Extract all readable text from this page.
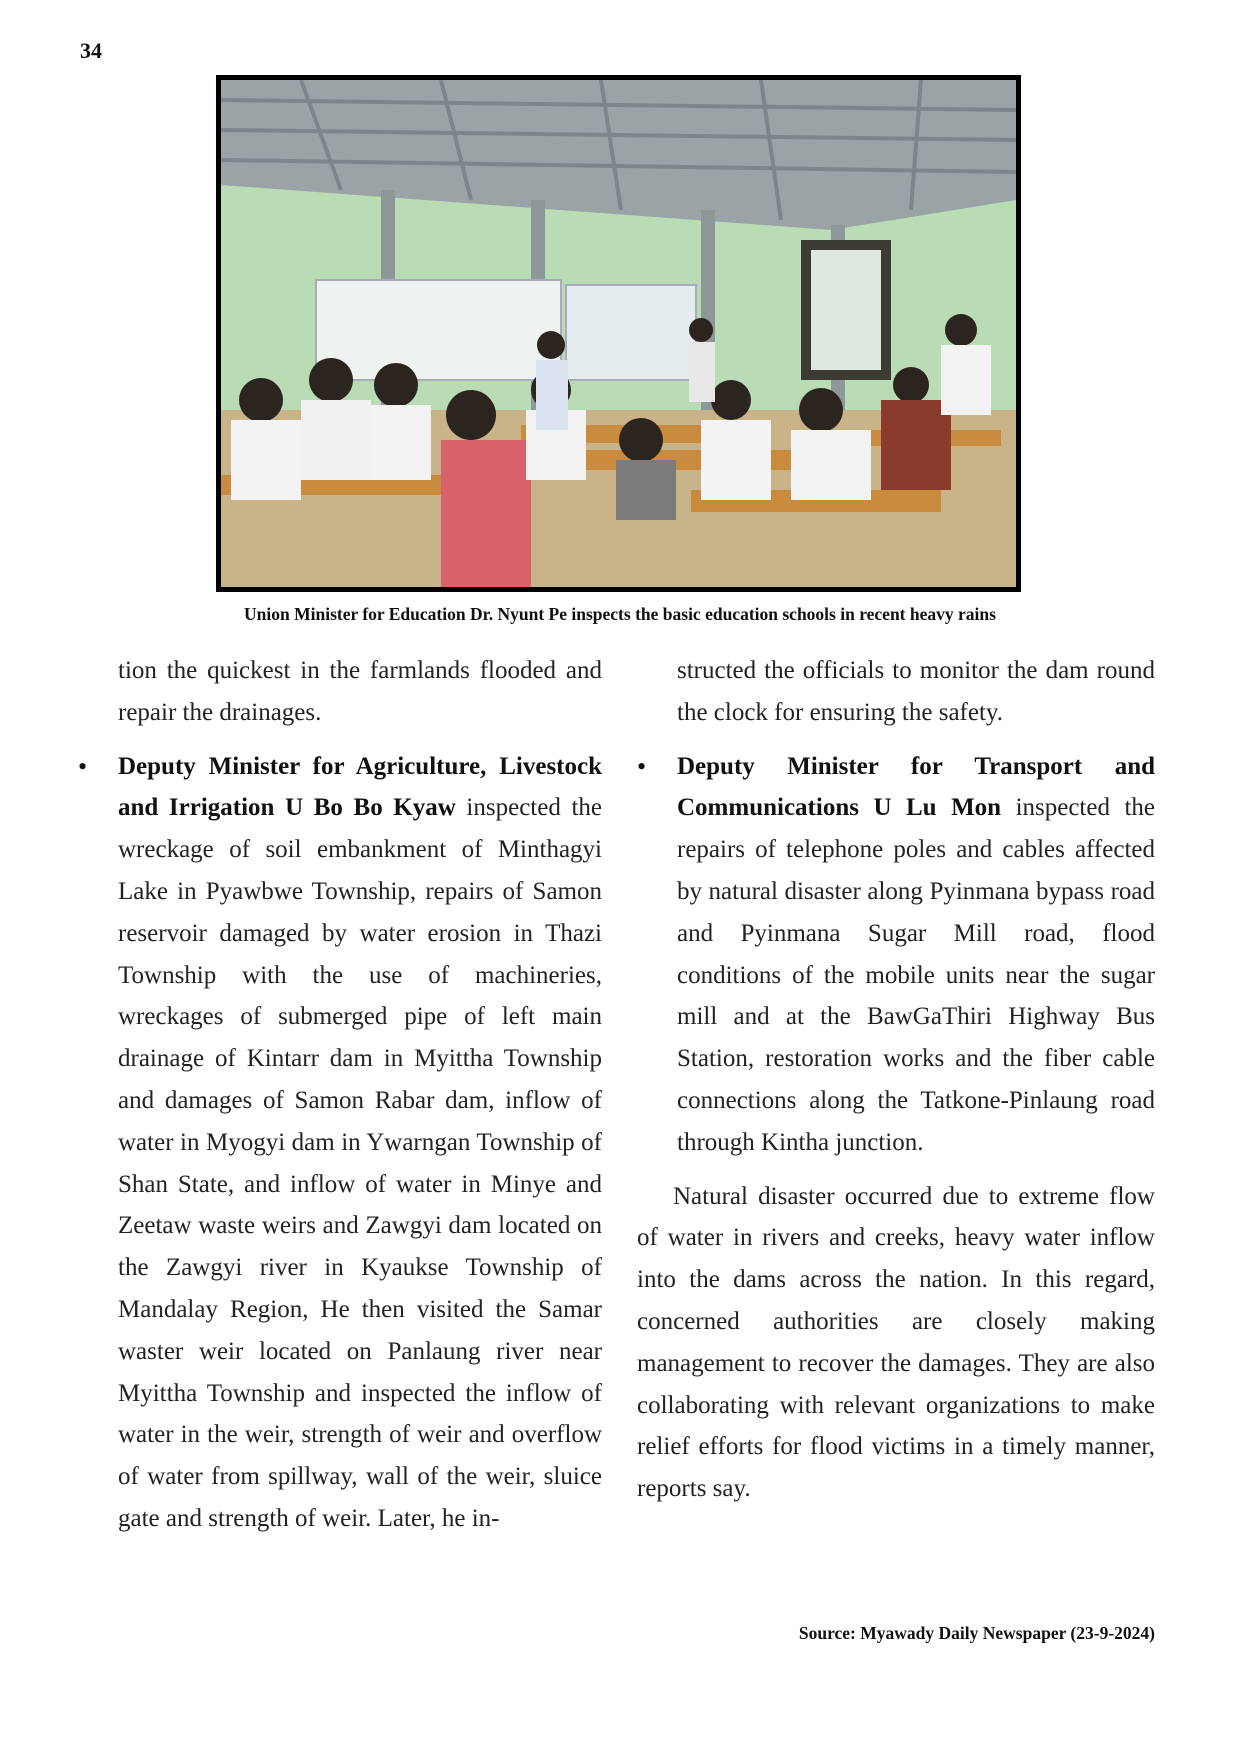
34
Union Minister for Education Dr. Nyunt Pe inspects the basic education schools in recent heavy rains

tion the quickest in the farmlands flooded and repair the drainages.

• Deputy Minister for Agriculture, Livestock and Irrigation U Bo Bo Kyaw inspected the wreckage of soil embankment of Minthagyi Lake in Pyawbwe Township, repairs of Samon reservoir damaged by water erosion in Thazi Township with the use of machineries, wreckages of submerged pipe of left main drainage of Kintarr dam in Myittha Township and damages of Samon Rabar dam, inflow of water in Myogyi dam in Ywarngan Township of Shan State, and inflow of water in Minye and Zeetaw waste weirs and Zawgyi dam located on the Zawgyi river in Kyaukse Township of Mandalay Region, He then visited the Samar waster weir located on Panlaung river near Myittha Township and inspected the inflow of water in the weir, strength of weir and overflow of water from spillway, wall of the weir, sluice gate and strength of weir. Later, he in-

structed the officials to monitor the dam round the clock for ensuring the safety.

• Deputy Minister for Transport and Communications U Lu Mon inspected the repairs of telephone poles and cables affected by natural disaster along Pyinmana bypass road and Pyinmana Sugar Mill road, flood conditions of the mobile units near the sugar mill and at the BawGaThiri Highway Bus Station, restoration works and the fiber cable connections along the Tatkone-Pinlaung road through Kintha junction.

Natural disaster occurred due to extreme flow of water in rivers and creeks, heavy water inflow into the dams across the nation. In this regard, concerned authorities are closely making management to recover the damages. They are also collaborating with relevant organizations to make relief efforts for flood victims in a timely manner, reports say.

Source: Myawady Daily Newspaper (23-9-2024)
